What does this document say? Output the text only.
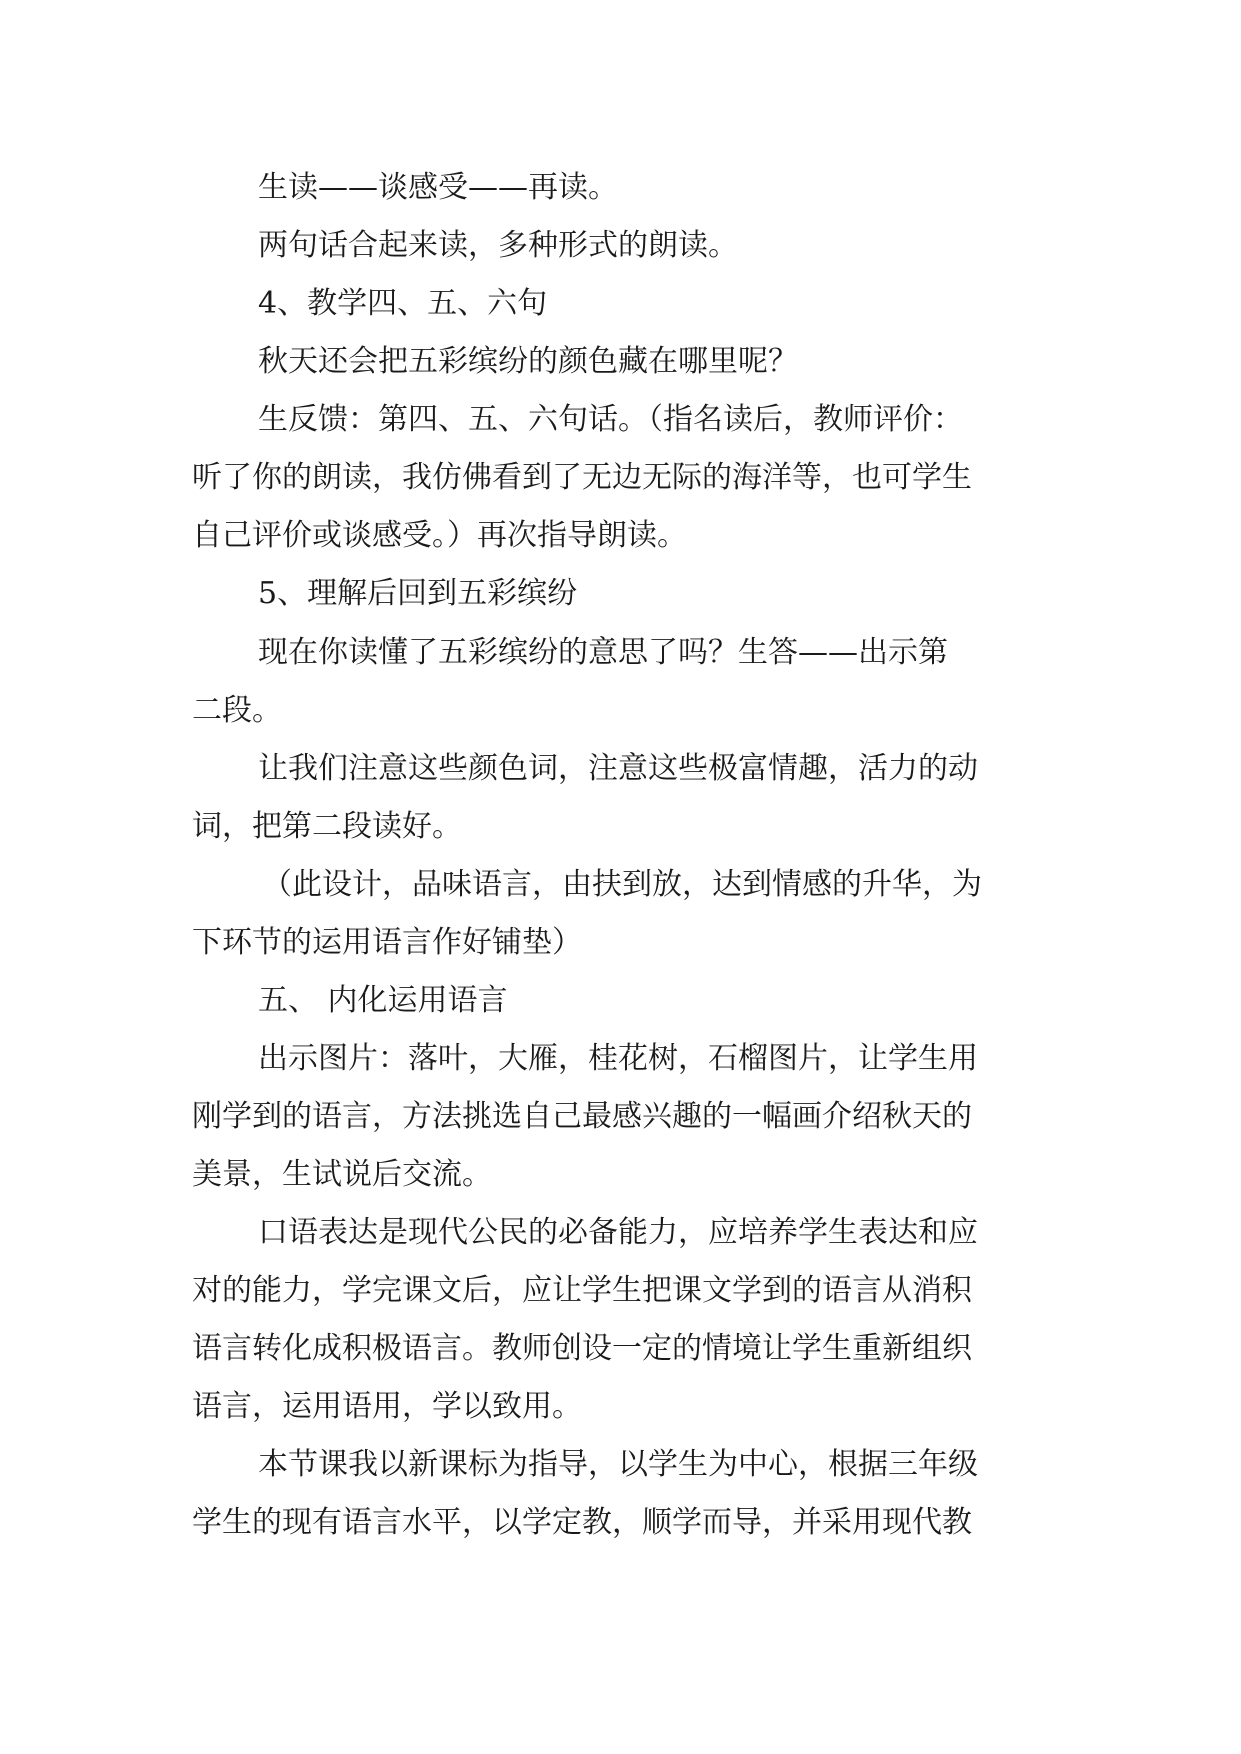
生读——谈感受——再读。

两句话合起来读，多种形式的朗读。

4、教学四、五、六句

秋天还会把五彩缤纷的颜色藏在哪里呢？

生反馈：第四、五、六句话。（指名读后，教师评价：

听了你的朗读，我仿佛看到了无边无际的海洋等，也可学生

自己评价或谈感受。）再次指导朗读。

5、理解后回到五彩缤纷

现在你读懂了五彩缤纷的意思了吗？生答——出示第

二段。

让我们注意这些颜色词，注意这些极富情趣，活力的动

词，把第二段读好。

（此设计，品味语言，由扶到放，达到情感的升华，为

下环节的运用语言作好铺垫）

五、 内化运用语言

出示图片：落叶，大雁，桂花树，石榴图片，让学生用

刚学到的语言，方法挑选自己最感兴趣的一幅画介绍秋天的

美景，生试说后交流。

口语表达是现代公民的必备能力，应培养学生表达和应

对的能力，学完课文后，应让学生把课文学到的语言从消积

语言转化成积极语言。教师创设一定的情境让学生重新组织

语言，运用语用，学以致用。

本节课我以新课标为指导，以学生为中心，根据三年级

学生的现有语言水平，以学定教，顺学而导，并采用现代教
